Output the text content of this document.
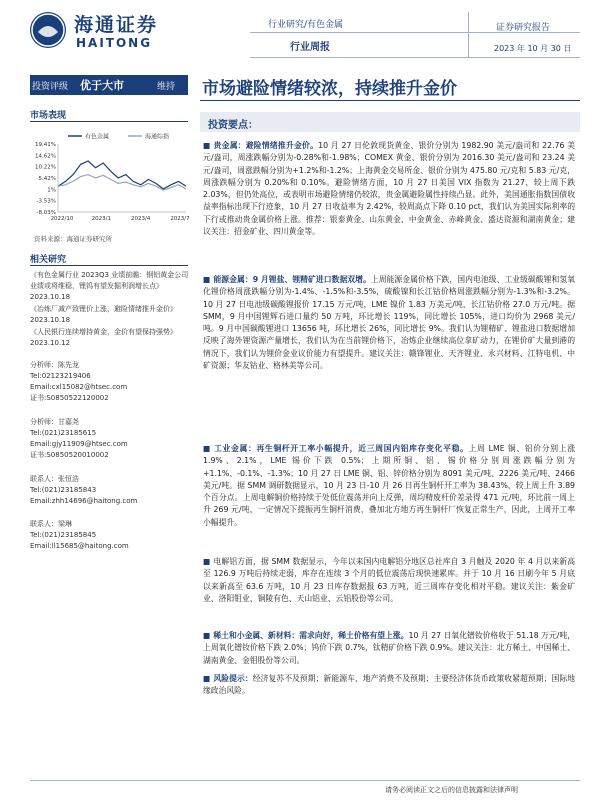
海通证券
HAITONG
行业研究/有色金属
行业周报
证券研究报告
2023 年 10 月 30 日
投资评级 优于大市	维持 市场避险情绪较浓，持续推升金价
市场表现
有色金属	海通综指
19.41%
14.62%
10.22%
5.42%
1%
-3.53%
-8.03%
2022/10	2023/1	2023/4	2023/7
资料来源：海通证券研究所
相关研究
《有色金属行业 2023Q3 业绩前瞻：钢铝黄金公司业绩或将维稳，锂钨有望发掘利润增长点》2023.10.18
《冶炼厂减产致锂价上涨，避险情绪推升金价》2023.10.18
《人民银行连续增持黄金，金价有望保持强势》2023.10.12
分析师：陈先龙
Tel:02123219406
Email:cxl15082@htsec.com
证书:S0850522120002
分析师：甘嘉尧
Tel:(021)23185615
Email:gjy11909@htsec.com
证书:S0850520010002
联系人：张恒浩
Tel:(021)23185843
Email:zhh14696@haitong.com
联系人：梁琳
Tel:(021)23185845
Email:ll15685@haitong.com
投资要点：
■ 贵金属：避险情绪推升金价。10 月 27 日伦敦现货黄金、银价分别为 1982.90 美元/盎司和 22.76 美元/盎司，周涨跌幅分别为-0.28%和-1.98%；COMEX 黄金、银价分别为 2016.30 美元/盎司和 23.24 美元/盎司，周涨跌幅分别为+1.2%和-1.2%；上海黄金交易所金、银价分别为 475.80 元/克和 5.83 元/克，周涨跌幅分别为 0.20%和 0.10%。避险情绪方面，10 月 27 日美国 VIX 指数为 21.27，较上周下跌 2.03%，但仍处高位，或表明市场避险情绪仍较浓，贵金属避险属性持续凸显。此外，美国通胀指数国债收益率指标出现下行迹象，10 月 27 日收益率为 2.42%，较周高点下降 0.10 pct，我们认为美国实际利率的下行或推动贵金属价格上涨。推荐：银泰黄金、山东黄金、中金黄金、赤峰黄金、盛达资源和湖南黄金；建议关注：招金矿业、四川黄金等。
■ 能源金属：9 月锂盐、锂精矿进口数据双增。上周能源金属价格下跌，国内电池级、工业级碳酸锂和氢氧化锂价格周涨跌幅分别为-1.4%、-1.5%和-3.5%，硫酸镍和长江钴价格周涨跌幅分别为-1.3%和-3.2%。10 月 27 日电池级碳酸锂报价 17.15 万元/吨，LME 镍价 1.83 万美元/吨，长江钴价格 27.0 万元/吨。据 SMM，9 月中国锂辉石进口量约 50 万吨，环比增长 119%，同比增长 105%，进口均价为 2968 美元/吨。9 月中国碳酸锂进口 13656 吨，环比增长 26%，同比增长 9%。我们认为锂精矿、锂盐进口数据增加反映了海外锂资源产量增长，我们认为在当前锂价格下，冶炼企业继续高位拿矿动力，在锂价矿大量到港的情况下，我们认为锂价金业议价能力有望提升。建议关注：赣锋锂业、天齐锂业、永兴材料、江特电机、中矿资源；华友钴业、格林美等公司。
■ 工业金属：再生铜杆开工率小幅提升，近三周国内铝库存变化平稳。上周 LME 铜、铝价分别上涨 1.9%、2.1%，LME 锡价下跌 0.5%；上期所铜、铝、锡价格分别周涨跌幅分别为+1.1%、-0.1%、-1.3%；10 月 27 日 LME 铜、铝、锌价格分别为 8091 美元/吨、2226 美元/吨、2466 美元/吨。据 SMM 调研数据显示，10 月 23 日-10 月 26 日再生铜杆开工率为 38.43%，较上周上升 3.89 个百分点。上周电解铜价格持续于处低位震荡并向上反弹，周均精废杆价差录得 471 元/吨，环比前一周上升 269 元/吨，一定情况下提振再生铜杆消费，叠加北方地方再生铜杆厂恢复正常生产，因此，上周开工率小幅提升。
■ 电解铝方面，据 SMM 数据显示，今年以来国内电解铝分地区总社库自 3 月触及 2020 年 4 月以来新高至 126.9 万吨后持续走弱，库存在连续 3 个月的低位震荡后现快速累库。并于 10 月 16 日刷今年 5 月底以来新高至 63.6 万吨，10 月 23 日库存数据报 63 万吨，近三周库存变化相对平稳。建议关注：紫金矿业、洛阳钼业、铜陵有色、天山铝业、云铝股份等公司。
■ 稀土和小金属、新材料：需求向好，稀土价格有望上涨。10 月 27 日氧化镨钕价格收于 51.18 万元/吨，上周氧化镨钕价格下跌 2.0%；钨价下跌 0.7%，钛精矿价格下跌 0.9%。建议关注：北方稀土、中国稀土、湖南黄金、金钼股份等公司。
■ 风险提示：经济复苏不及预期；新能源车、地产消费不及预期；主要经济体货币政策收紧超预期；国际地缘政治风险。
请务必阅读正文之后的信息披露和法律声明
